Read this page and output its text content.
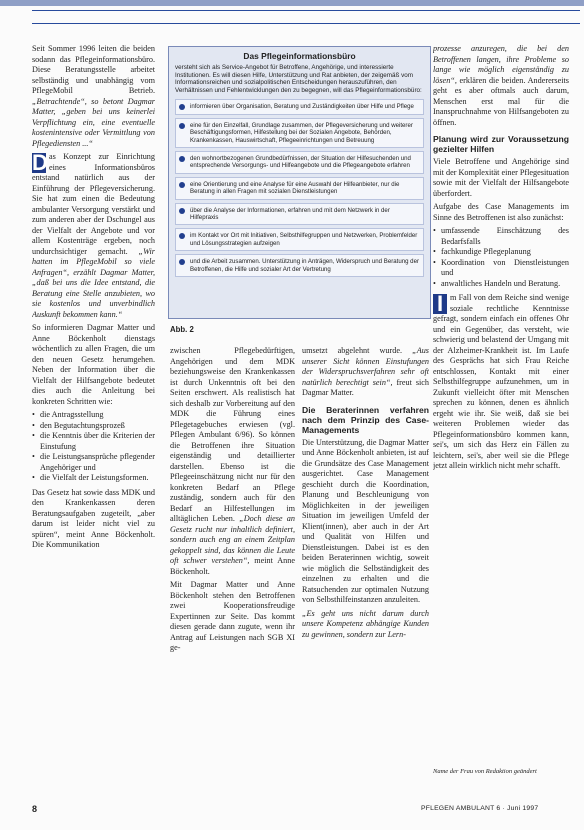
Seit Sommer 1996 leiten die beiden sodann das Pflegeinformationsbüro. Diese Beratungsstelle arbeitet selbständig und unabhängig vom PflegeMobil Betrieb. „Betrachtende“, so betont Dagmar Matter, „geben bei uns keinerlei Verpflichtung ein, eine eventuelle kostenintensive oder Vermittlung von Pflegediensten ...“

D as Konzept zur Einrichtung eines Informationsbüros entstand natürlich aus der Einführung der Pflegeversicherung. Sie hat zum einen die Bedeutung ambulanter Versorgung verstärkt und zum anderen aber der Dschungel aus der Vielfalt der Angebote und vor allem Kostenträge ergeben, noch undurchsichtiger gemacht. „Wir hatten im PflegeMobil so viele Anfragen“, erzählt Dagmar Matter, „daß bei uns die Idee entstand, die Beratung eine Stelle anzubieten, wo sie kostenlos und unverbindlich Auskunft bekommen kann.“

So informieren Dagmar Matter und Anne Böckenholt dienstags wöchentlich zu allen Fragen, die um den neuen Gesetz herumgehen. Neben der Information über die Vielfalt der Hilfsangebote bedeutet dies auch die Anleitung bei konkreten Schritten wie:

• die Antragsstellung
• den Begutachtungsprozeß
• die Kenntnis über die Kriterien der Einstufung
• die Leistungsansprüche pflegender Angehöriger und
• die Vielfalt der Leistungsformen.

Das Gesetz hat sowie dass MDK und den Krankenkassen deren Beratungsaufgaben zugeteilt, „aber darum ist leider nicht viel zu spüren“, meint Anne Böckenholt. Die Kommunikation

Das Pflegeinformationsbüro
versteht sich als Service-Angebot für Betroffene, Angehörige, und interessierte Institutionen. Es will diesen Hilfe, Unterstützung und Rat anbieten, der zeigemäß vom Informationsreichen und sozialpolitischen Entscheidungen herauszuführen, den Verhältnissen und Fehlentwicklungen den zu begegnen, will das Pflegeinformationsbüro:
informieren über Organisation, Beratung und Zuständigkeiten über Hilfe und Pflege
eine für den Einzelfall, Grundlage zusammen, der Pflegeversicherung und weiterer Beschäftigungsformen, Hilfestellung bei der Sozialen Angebote, Behörden, Krankenkassen, Hauswirtschaft, Pflegeeinrichtungen und Betreuung
den wohnortbezogenen Grundbedürfnissen, der Situation der Hilfesuchenden und entsprechende Versorgungs- und Hilfeangebote und die Pflegeangebote erfahren
eine Orientierung und eine Analyse für eine Auswahl der Hilfeanbieter, nur die Beratung in allen Fragen mit sozialen Dienstleistungen
über die Analyse der Informationen, erfahren und mit dem Netzwerk in der Hilfepraxis
im Kontakt vor Ort mit Initiativen, Selbsthilfegruppen und Netzwerken, Problemfelder und Lösungsstrategien aufzeigen
und die Arbeit zusammen. Unterstützung in Anträgen, Widerspruch und Beratung der Betroffenen, die Hilfe und sozialer Art der Vertretung
Abb. 2

zwischen Pflegebedürftigen, Angehörigen und dem MDK beziehungsweise den Krankenkassen ist durch Unkenntnis oft bei den Seiten erschwert. Als realistisch hat sich deshalb zur Vorbereitung auf den MDK die Führung eines Pflegetagebuches erwiesen (vgl. Pflegen Ambulant 6/96). So können die Betroffenen ihre Situation eigenständig und detaillierter darstellen. Ebenso ist die Pflegeeinschätzung nicht nur für den konkreten Bedarf an Pflege zuständig, sondern auch für den Bedarf an Hilfestellungen im alltäglichen Leben. „Doch diese an Gesetz rucht nur inhaltlich definiert, sondern auch eng an einem Zeitplan gekoppelt sind, das können die Leute oft schwer verstehen“, meint Anne Böckenholt.

Mit Dagmar Matter und Anne Böckenholt stehen den Betroffenen zwei Kooperationsfreudige Expertinnen zur Seite. Das kommt diesen gerade dann zugute, wenn ihr Antrag auf Leistungen nach SGB XI ge-

umsetzt abgelehnt wurde. „Aus unserer Sicht können Einstufungen der Widerspruchsverfahren sehr oft natürlich berechtigt sein“, freut sich Dagmar Matter.

Die Beraterinnen verfahren nach dem Prinzip des Case-Managements

Die Unterstützung, die Dagmar Matter und Anne Böckenholt anbieten, ist auf die Grundsätze des Case Management ausgerichtet. Case Management geschieht durch die Koordination, Planung und Beschleunigung von Möglichkeiten in der jeweiligen Situation im jeweiligen Umfeld der Klient(innen), aber auch in der Art und Qualität von Hilfen und Dienstleistungen. Dabei ist es den beiden Beraterinnen wichtig, soweit wie möglich die Selbständigkeit des einzelnen zu erhalten und die Ratsuchenden zur optimalen Nutzung von Selbsthilfeinstanzen anzuleiten.

„Es geht uns nicht darum durch unsere Kompetenz abhängige Kunden zu gewinnen, sondern zur Lern-

prozesse anzuregen, die bei den Betroffenen langen, ihre Probleme so lange wie möglich eigenständig zu lösen“, erklären die beiden. Andererseits geht es aber oftmals auch darum, Menschen erst mal für die Inanspruchnahme von Hilfsangeboten zu öffnen.

Planung wird zur Voraussetzung gezielter Hilfen

Viele Betroffene und Angehörige sind mit der Komplexität einer Pflegesituation sowie mit der Vielfalt der Hilfsangebote überfordert.

Aufgabe des Case Managements im Sinne des Betroffenen ist also zunächst:

• umfassende Einschätzung des Bedarfsfalls
• fachkundige Pflegeplanung
• Koordination von Dienstleistungen und
• anwaltliches Handeln und Beratung.

I m Fall von dem Reiche sind wenige soziale rechtliche Kenntnisse gefragt, sondern einfach ein offenes Ohr und ein Gegenüber, das versteht, wie schwierig und belastend der Umgang mit der Alzheimer-Krankheit ist. Im Laufe des Gesprächs hat sich Frau Reiche entschlossen, Kontakt mit einer Selbsthilfegruppe aufzunehmen, um in Zukunft vielleicht öfter mit Menschen sprechen zu können, denen es ähnlich ergeht wie ihr. Sie weiß, daß sie bei weiteren Problemen wieder das Pflegeinformationsbüro kommen kann, sei's, um sich das Herz ein Fällen zu leichtern, sei's, aber weil sie die Pflege jetzt allein wirklich nicht mehr schafft.

Name der Frau von Redaktion geändert
8	PFLEGEN AMBULANT 6 · Juni 1997
